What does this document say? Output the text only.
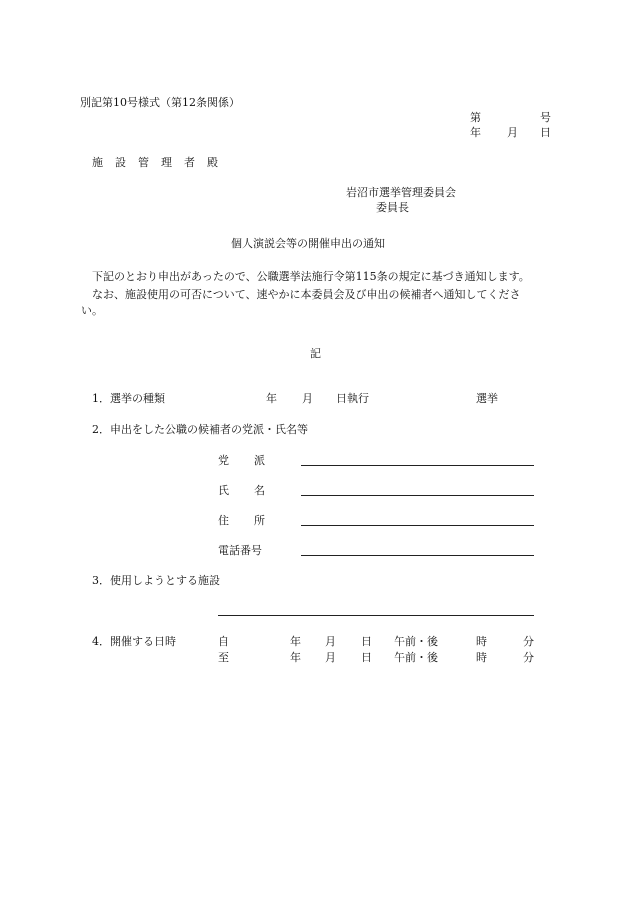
別記第10号様式（第12条関係）
第	号
年 月 日
施 設 管 理 者 殿
岩沼市選挙管理委員会
委員長
個人演説会等の開催申出の通知
下記のとおり申出があったので、公職選挙法施行令第115条の規定に基づき通知します。
なお、施設使用の可否について、速やかに本委員会及び申出の候補者へ通知してくださ
い。
記
1．選挙の種類	年 月 日執行	選挙
2．申出をした公職の候補者の党派・氏名等
党 派
氏 名
住 所
電話番号
3．使用しようとする施設
4．開催する日時	自	年 月 日 午前・後	時	分
至	年 月 日 午前・後	時	分
